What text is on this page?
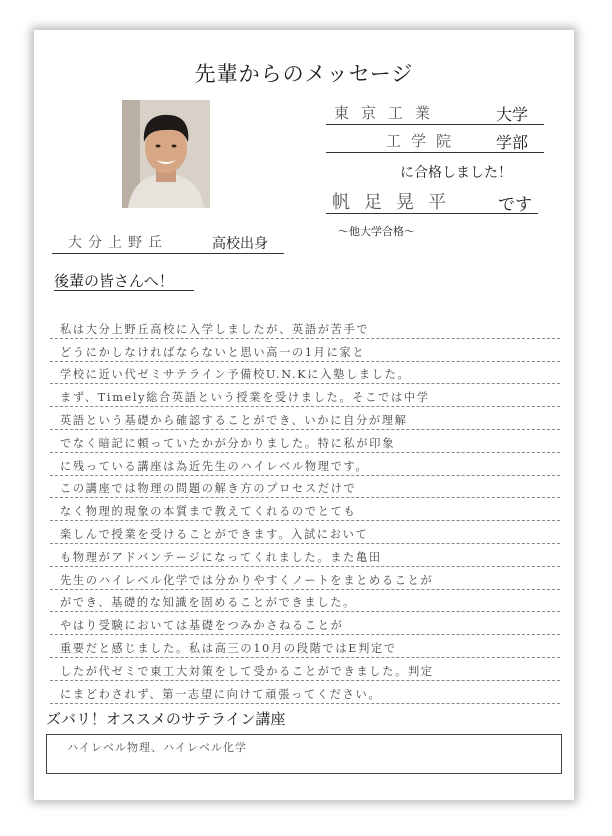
先輩からのメッセージ
東京工業	大学
工学院 学部
に合格しました！
帆足晃平 です
～他大学合格～
大分上野丘	高校出身
後輩の皆さんへ！
私は大分上野丘高校に入学しましたが、英語が苦手で
どうにかしなければならないと思い高一の1月に家と
学校に近い代ゼミサテライン予備校U.N.Kに入塾しました。
まず、Timely総合英語という授業を受けました。そこでは中学
英語という基礎から確認することができ、いかに自分が理解
でなく暗記に頼っていたかが分かりました。特に私が印象
に残っている講座は為近先生のハイレベル物理です。
この講座では物理の問題の解き方のプロセスだけで
なく物理的現象の本質まで教えてくれるのでとても
楽しんで授業を受けることができます。入試において
も物理がアドバンテージになってくれました。また亀田
先生のハイレベル化学では分かりやすくノートをまとめることが
ができ、基礎的な知識を固めることができました。
やはり受験においては基礎をつみかさねることが
重要だと感じました。私は高三の10月の段階ではE判定で
したが代ゼミで東工大対策をして受かることができました。判定
にまどわされず、第一志望に向けて頑張ってください。
ズバリ！オススメのサテライン講座
ハイレベル物理、ハイレベル化学
